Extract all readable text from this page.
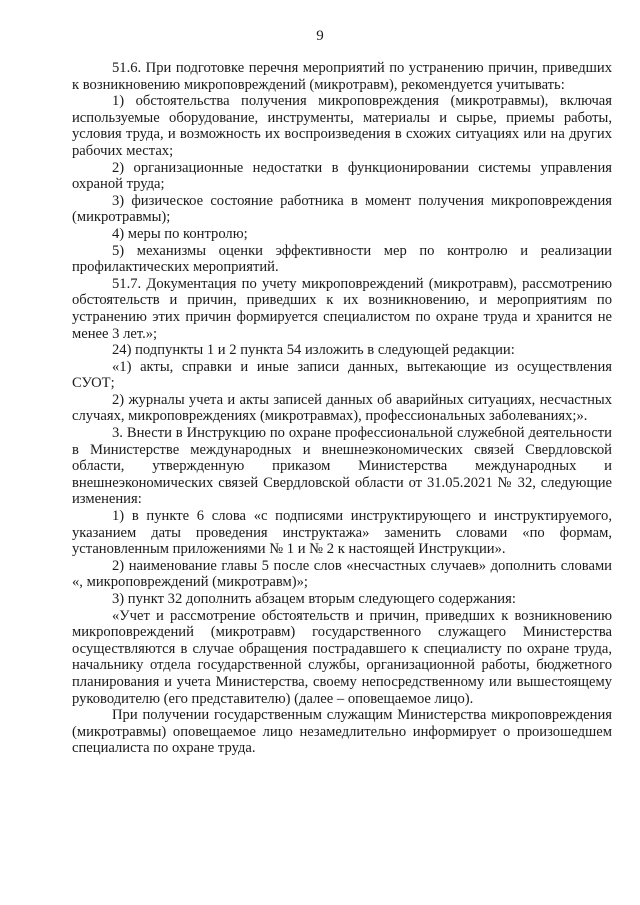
9

51.6. При подготовке перечня мероприятий по устранению причин, приведших к возникновению микроповреждений (микротравм), рекомендуется учитывать:

1) обстоятельства получения микроповреждения (микротравмы), включая используемые оборудование, инструменты, материалы и сырье, приемы работы, условия труда, и возможность их воспроизведения в схожих ситуациях или на других рабочих местах;

2) организационные недостатки в функционировании системы управления охраной труда;

3) физическое состояние работника в момент получения микроповреждения (микротравмы);

4) меры по контролю;

5) механизмы оценки эффективности мер по контролю и реализации профилактических мероприятий.

51.7. Документация по учету микроповреждений (микротравм), рассмотрению обстоятельств и причин, приведших к их возникновению, и мероприятиям по устранению этих причин формируется специалистом по охране труда и хранится не менее 3 лет.»;

24) подпункты 1 и 2 пункта 54 изложить в следующей редакции:

«1) акты, справки и иные записи данных, вытекающие из осуществления СУОТ;

2) журналы учета и акты записей данных об аварийных ситуациях, несчастных случаях, микроповреждениях (микротравмах), профессиональных заболеваниях;».

3. Внести в Инструкцию по охране профессиональной служебной деятельности в Министерстве международных и внешнеэкономических связей Свердловской области, утвержденную приказом Министерства международных и внешнеэкономических связей Свердловской области от 31.05.2021 № 32, следующие изменения:

1) в пункте 6 слова «с подписями инструктирующего и инструктируемого, указанием даты проведения инструктажа» заменить словами «по формам, установленным приложениями № 1 и № 2 к настоящей Инструкции».

2) наименование главы 5 после слов «несчастных случаев» дополнить словами «, микроповреждений (микротравм)»;

3) пункт 32 дополнить абзацем вторым следующего содержания:

«Учет и рассмотрение обстоятельств и причин, приведших к возникновению микроповреждений (микротравм) государственного служащего Министерства осуществляются в случае обращения пострадавшего к специалисту по охране труда, начальнику отдела государственной службы, организационной работы, бюджетного планирования и учета Министерства, своему непосредственному или вышестоящему руководителю (его представителю) (далее – оповещаемое лицо).

При получении государственным служащим Министерства микроповреждения (микротравмы) оповещаемое лицо незамедлительно информирует о произошедшем специалиста по охране труда.
